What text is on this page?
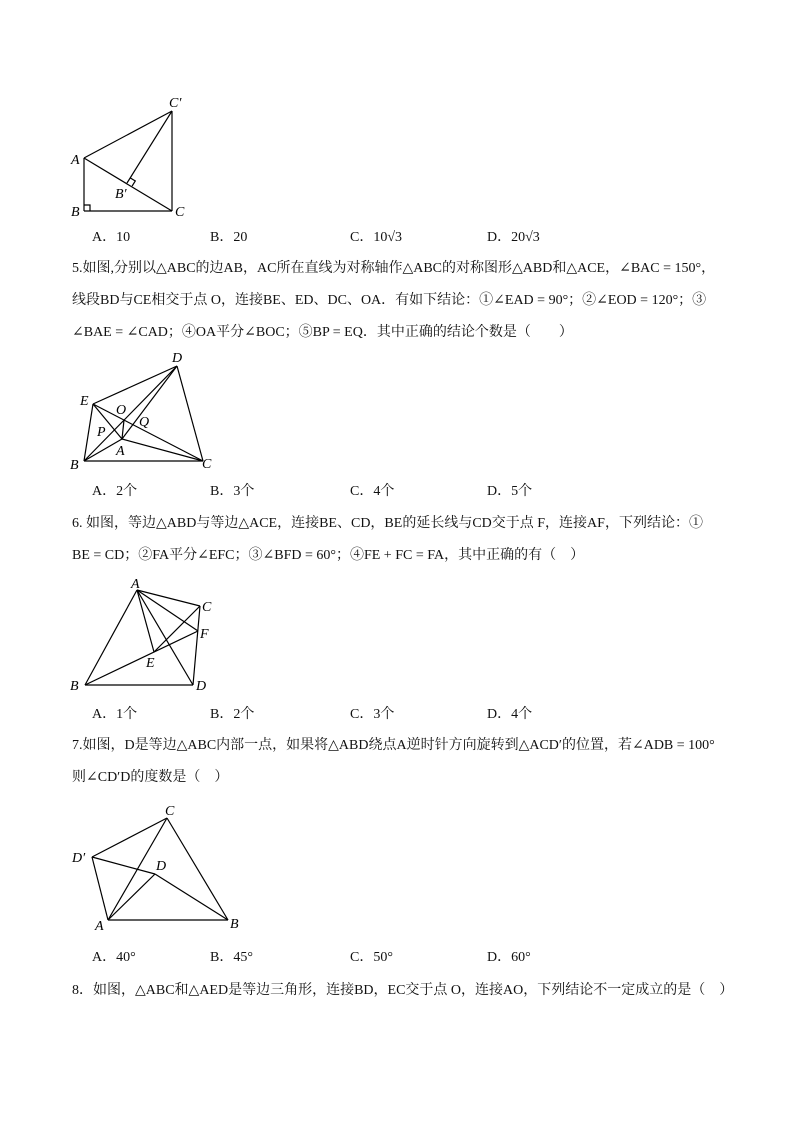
C′
A
B′
B	C
A．10	B．20	C．10√3	D．20√3
5.如图,分别以△ABC的边AB，AC所在直线为对称轴作△ABC的对称图形△ABD和△ACE，∠BAC = 150°，
线段BD与CE相交于点 O，连接BE、ED、DC、OA．有如下结论：①∠EAD = 90°；②∠EOD = 120°；③
∠BAE = ∠CAD；④OA平分∠BOC；⑤BP = EQ．其中正确的结论个数是（　　）
D
E
O
Q
P
A
B	C
A．2个	B．3个	C．4个	D．5个
6. 如图，等边△ABD与等边△ACE，连接BE、CD，BE的延长线与CD交于点 F，连接AF，下列结论：①
BE = CD；②FA平分∠EFC；③∠BFD = 60°；④FE + FC = FA，其中正确的有（　）
A
C
F
E
B	D
A．1个	B．2个	C．3个	D．4个
7.如图，D是等边△ABC内部一点，如果将△ABD绕点A逆时针方向旋转到△ACD′的位置，若∠ADB = 100°
则∠CD′D的度数是（　）
C
D′
D
A	B
A．40°	B．45°	C．50°	D．60°
8．如图，△ABC和△AED是等边三角形，连接BD，EC交于点 O，连接AO，下列结论不一定成立的是（　）
